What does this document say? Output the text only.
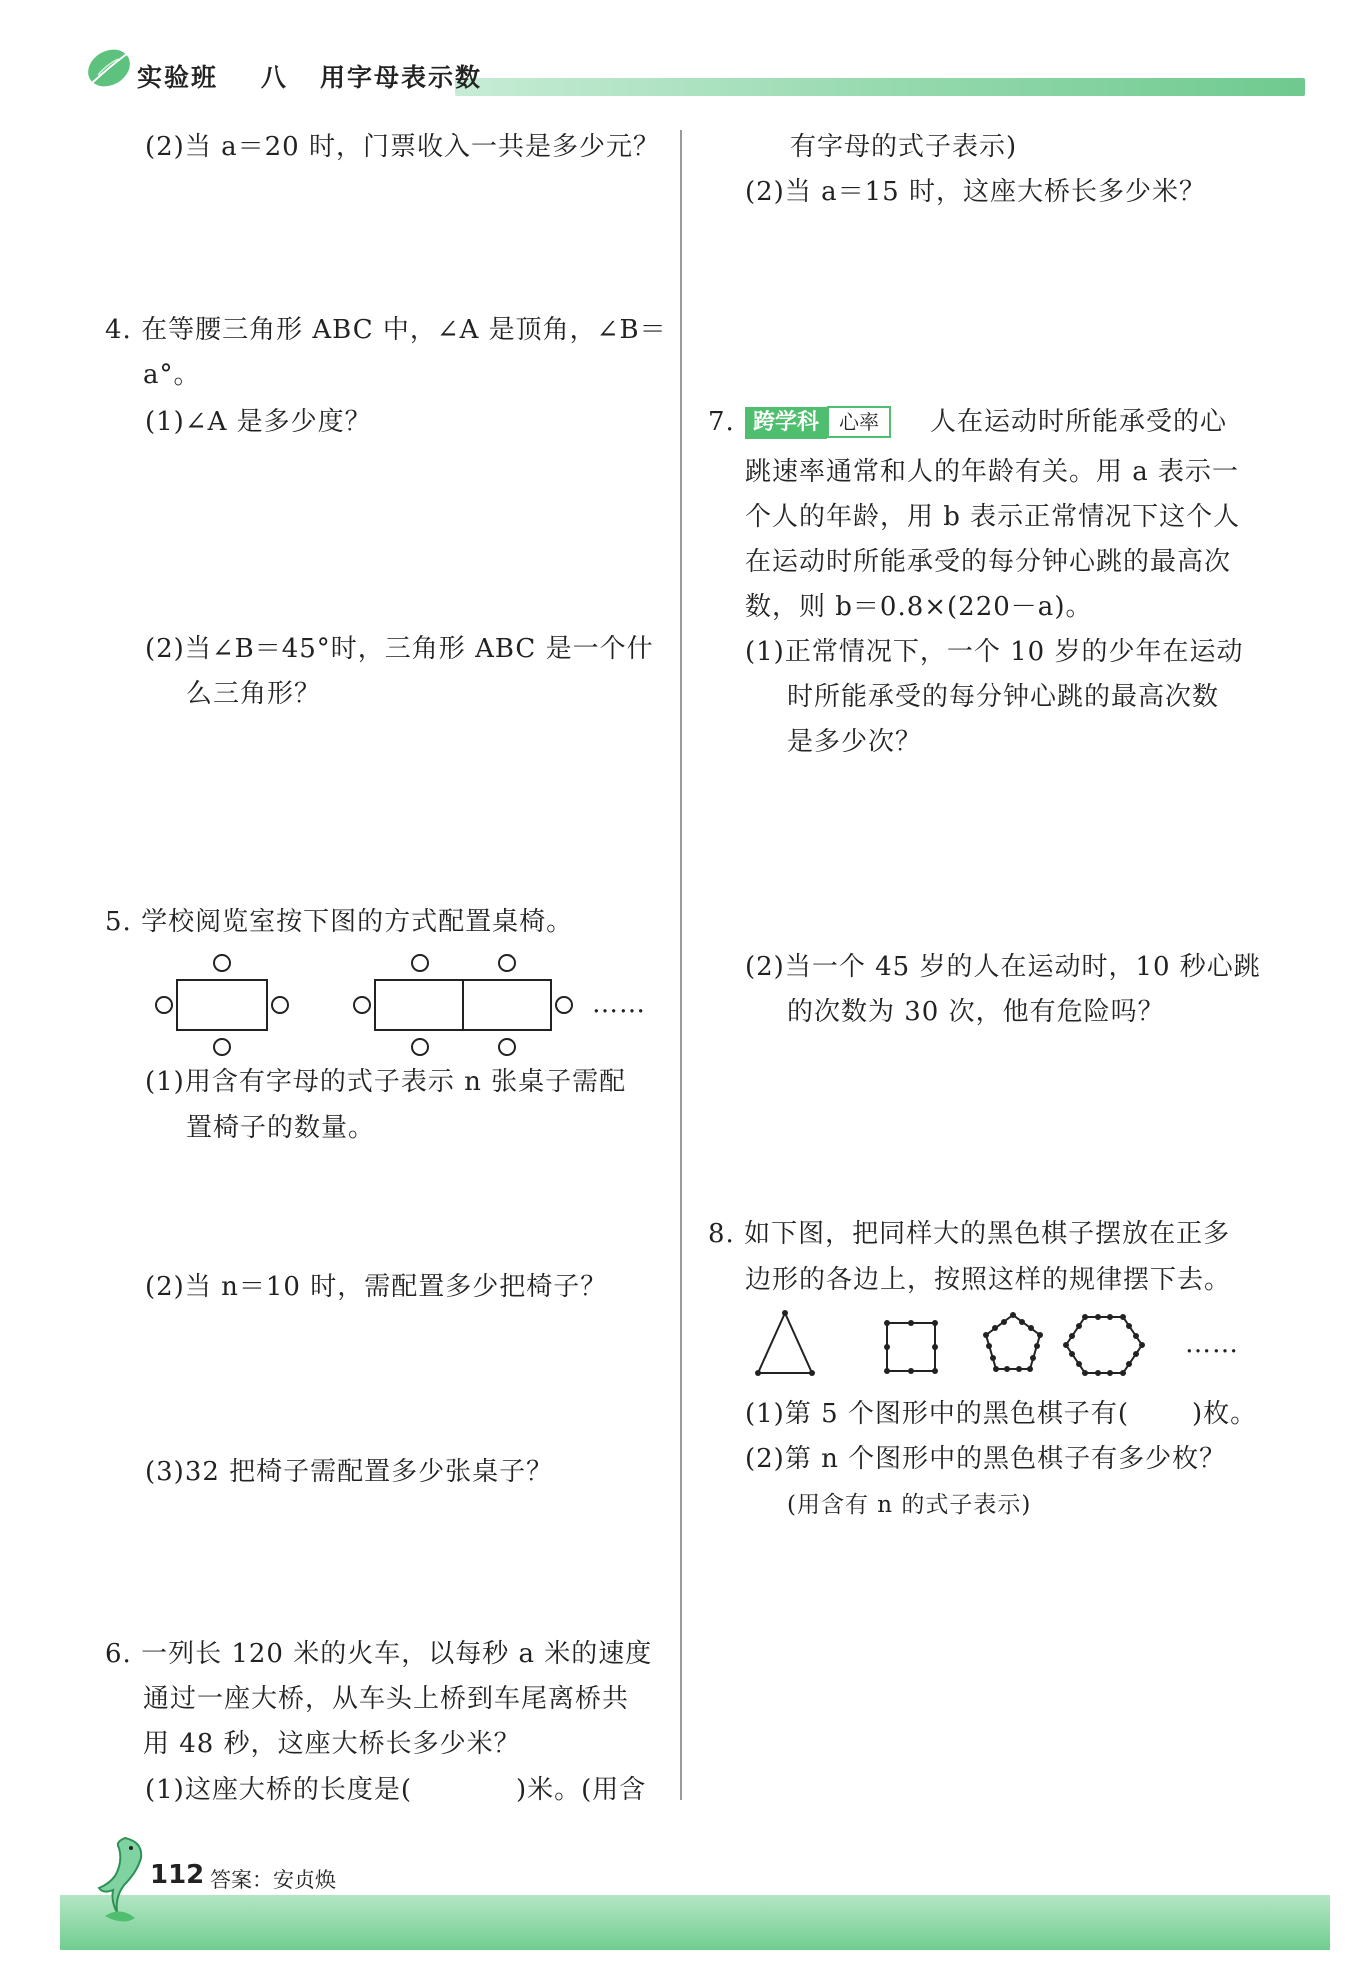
实验班 八 用字母表示数
(2)当 a＝20 时，门票收入一共是多少元？
4. 在等腰三角形 ABC 中，∠A 是顶角，∠B＝
a°。
(1)∠A 是多少度？
(2)当∠B＝45°时，三角形 ABC 是一个什
么三角形？
5. 学校阅览室按下图的方式配置桌椅。
……
(1)用含有字母的式子表示 n 张桌子需配
置椅子的数量。
(2)当 n＝10 时，需配置多少把椅子？
(3)32 把椅子需配置多少张桌子？
6. 一列长 120 米的火车，以每秒 a 米的速度
通过一座大桥，从车头上桥到车尾离桥共
用 48 秒，这座大桥长多少米？
(1)这座大桥的长度是(	)米。(用含
有字母的式子表示)
(2)当 a＝15 时，这座大桥长多少米？
7. 跨学科 心率	人在运动时所能承受的心
跳速率通常和人的年龄有关。用 a 表示一
个人的年龄，用 b 表示正常情况下这个人
在运动时所能承受的每分钟心跳的最高次
数，则 b＝0.8×(220－a)。
(1)正常情况下，一个 10 岁的少年在运动
时所能承受的每分钟心跳的最高次数
是多少次？
(2)当一个 45 岁的人在运动时，10 秒心跳
的次数为 30 次，他有危险吗？
8. 如下图，把同样大的黑色棋子摆放在正多
边形的各边上，按照这样的规律摆下去。
……
(1)第 5 个图形中的黑色棋子有( )枚。
(2)第 n 个图形中的黑色棋子有多少枚？
(用含有 n 的式子表示)
112 答案：安贞焕
